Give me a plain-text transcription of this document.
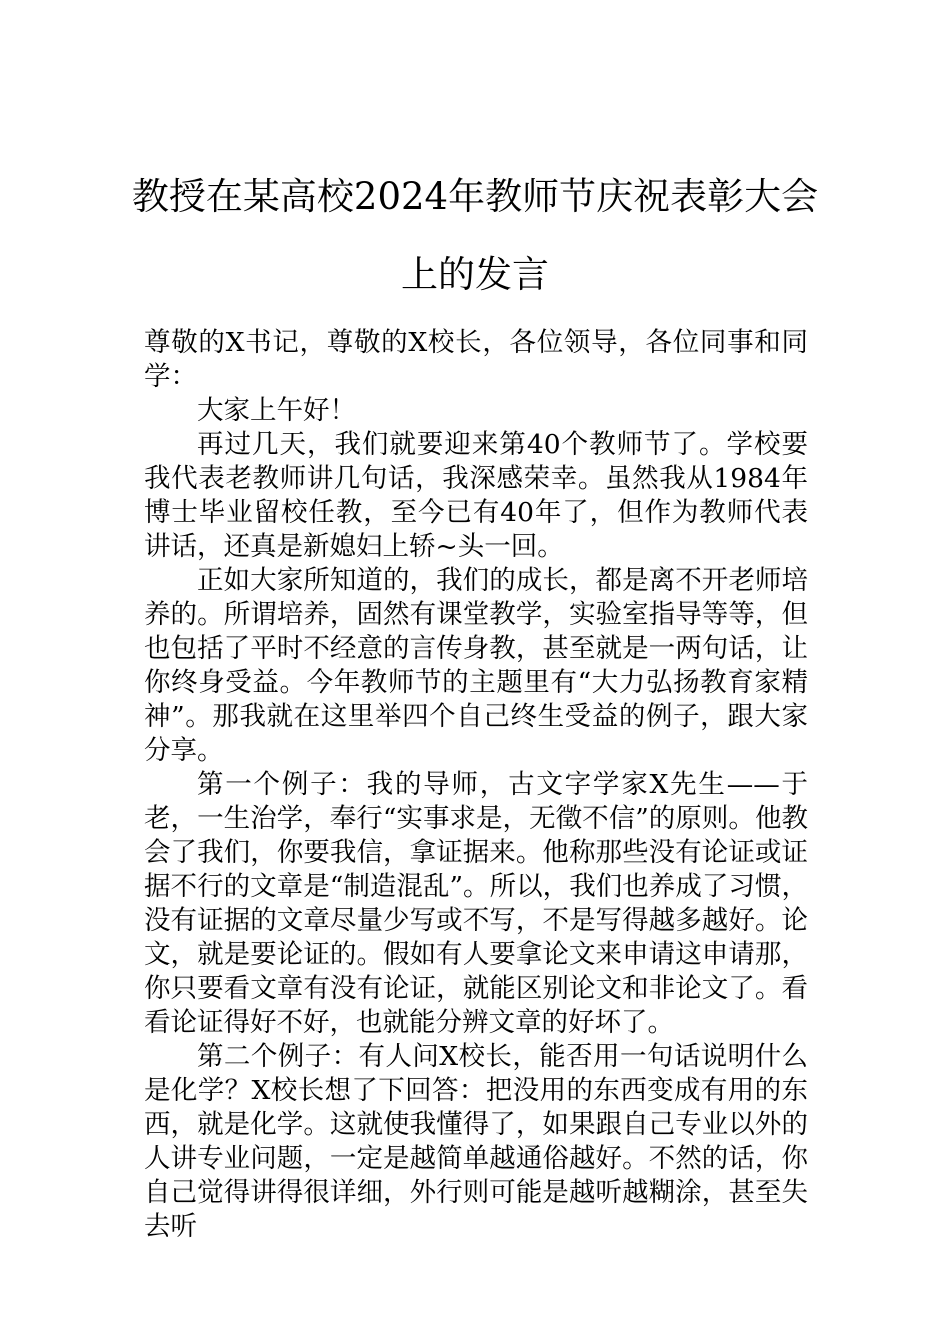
教授在某高校2024年教师节庆祝表彰大会
上的发言

尊敬的X书记，尊敬的X校长，各位领导，各位同事和同学：

大家上午好！

再过几天，我们就要迎来第40个教师节了。学校要我代表老教师讲几句话，我深感荣幸。虽然我从1984年博士毕业留校任教，至今已有40年了，但作为教师代表讲话，还真是新媳妇上轿~头一回。

正如大家所知道的，我们的成长，都是离不开老师培养的。所谓培养，固然有课堂教学，实验室指导等等，但也包括了平时不经意的言传身教，甚至就是一两句话，让你终身受益。今年教师节的主题里有“大力弘扬教育家精神”。那我就在这里举四个自己终生受益的例子，跟大家分享。

第一个例子：我的导师，古文字学家X先生——于老，一生治学，奉行“实事求是，无徵不信”的原则。他教会了我们，你要我信，拿证据来。他称那些没有论证或证据不行的文章是“制造混乱”。所以，我们也养成了习惯，没有证据的文章尽量少写或不写，不是写得越多越好。论文，就是要论证的。假如有人要拿论文来申请这申请那，你只要看文章有没有论证，就能区别论文和非论文了。看看论证得好不好，也就能分辨文章的好坏了。

第二个例子：有人问X校长，能否用一句话说明什么是化学？X校长想了下回答：把没用的东西变成有用的东西，就是化学。这就使我懂得了，如果跟自己专业以外的人讲专业问题，一定是越简单越通俗越好。不然的话，你自己觉得讲得很详细，外行则可能是越听越糊涂，甚至失去听
